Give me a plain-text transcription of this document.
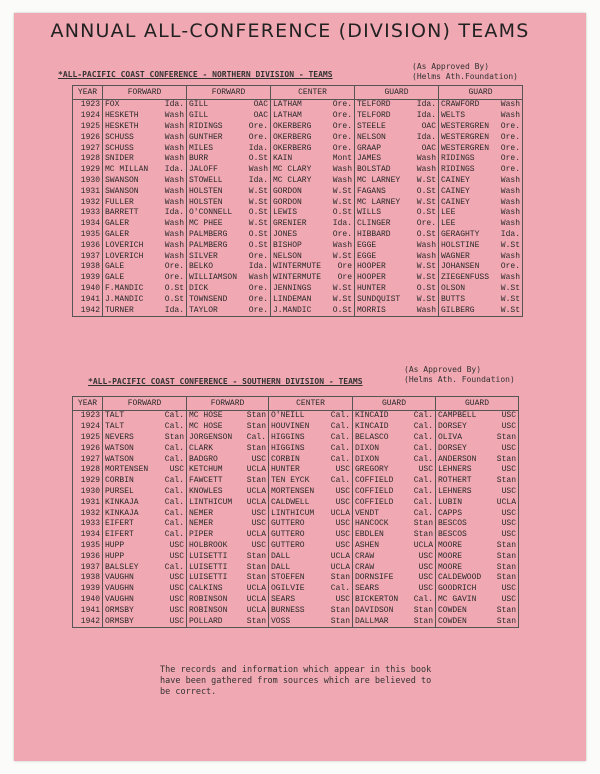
ANNUAL ALL-CONFERENCE (DIVISION) TEAMS
*ALL-PACIFIC COAST CONFERENCE - NORTHERN DIVISION - TEAMS
(As Approved By)
(Helms Ath.Foundation)
YEAR	FORWARD	FORWARD	CENTER	GUARD	GUARD
1923	FOX Ida.	GILL OAC	LATHAM Ore.	TELFORD Ida.	CRAWFORD Wash

1924	HESKETH Wash	GILL OAC	LATHAM Ore.	TELFORD Ida.	WELTS Wash

1925	HESKETH Wash	RIDINGS Ore.	OKERBERG Ore.	STEELE OAC	WESTERGREN Ore.

1926	SCHUSS Wash	GUNTHER Ore.	OKERBERG Ore.	NELSON Ida.	WESTERGREN Ore.

1927	SCHUSS Wash	MILES Ida.	OKERBERG Ore.	GRAAP OAC	WESTERGREN Ore.

1928	SNIDER Wash	BURR O.St	KAIN Mont	JAMES Wash	RIDINGS Ore.

1929	MC MILLAN Ida.	JALOFF Wash	MC CLARY Wash	BOLSTAD Wash	RIDINGS Ore.

1930	SWANSON Wash	STOWELL Ida.	MC CLARY Wash	MC LARNEY W.St	CAINEY Wash

1931	SWANSON Wash	HOLSTEN W.St	GORDON W.St	FAGANS O.St	CAINEY Wash

1932	FULLER Wash	HOLSTEN W.St	GORDON W.St	MC LARNEY W.St	CAINEY Wash

1933	BARRETT Ida.	O'CONNELL O.St	LEWIS O.St	WILLS O.St	LEE Wash

1934	GALER Wash	MC PHEE W.St	GRENIER Ida.	CLINGER Ore.	LEE Wash

1935	GALER Wash	PALMBERG O.St	JONES Ore.	HIBBARD O.St	GERAGHTY Ida.

1936	LOVERICH Wash	PALMBERG O.St	BISHOP Wash	EGGE Wash	HOLSTINE W.St

1937	LOVERICH Wash	SILVER Ore.	NELSON W.St	EGGE Wash	WAGNER Wash

1938	GALE Ore.	BELKO Ida.	WINTERMUTE Ore	HOOPER W.St	JOHANSEN Ore.

1939	GALE Ore.	WILLIAMSON Wash	WINTERMUTE Ore	HOOPER W.St	ZIEGENFUSS Wash

1940	F.MANDIC O.St	DICK Ore.	JENNINGS W.St	HUNTER O.St	OLSON W.St

1941	J.MANDIC O.St	TOWNSEND Ore.	LINDEMAN W.St	SUNDQUIST W.St	BUTTS W.St

1942	TURNER Ida.	TAYLOR Ore.	J.MANDIC O.St	MORRIS Wash	GILBERG W.St
*ALL-PACIFIC COAST CONFERENCE - SOUTHERN DIVISION - TEAMS
(As Approved By)
(Helms Ath. Foundation)
YEAR	FORWARD	FORWARD	CENTER	GUARD	GUARD
1923	TALT Cal.	MC HOSE Stan	O'NEILL Cal.	KINCAID Cal.	CAMPBELL USC

1924	TALT Cal.	MC HOSE Stan	HOUVINEN Cal.	KINCAID Cal.	DORSEY USC

1925	NEVERS Stan	JORGENSON Cal.	HIGGINS Cal.	BELASCO Cal.	OLIVA Stan

1926	WATSON Cal.	CLARK Stan	HIGGINS Cal.	DIXON Cal.	DORSEY USC

1927	WATSON Cal.	BADGRO USC	CORBIN Cal.	DIXON Cal.	ANDERSON Stan

1928	MORTENSEN USC	KETCHUM UCLA	HUNTER USC	GREGORY USC	LEHNERS USC

1929	CORBIN Cal.	FAWCETT Stan	TEN EYCK Cal.	COFFIELD Cal.	ROTHERT Stan

1930	PURSEL Cal.	KNOWLES UCLA	MORTENSEN USC	COFFIELD Cal.	LEHNERS USC

1931	KINKAJA Cal.	LINTHICUM UCLA	CALDWELL USC	COFFIELD Cal.	LUBIN UCLA

1932	KINKAJA Cal.	NEMER USC	LINTHICUM UCLA	VENDT Cal.	CAPPS USC

1933	EIFERT Cal.	NEMER USC	GUTTERO USC	HANCOCK Stan	BESCOS USC

1934	EIFERT Cal.	PIPER UCLA	GUTTERO USC	EBDLEN Stan	BESCOS USC

1935	HUPP USC	HOLBROOK USC	GUTTERO USC	ASHEN UCLA	MOORE Stan

1936	HUPP USC	LUISETTI Stan	DALL UCLA	CRAW USC	MOORE Stan

1937	BALSLEY Cal.	LUISETTI Stan	DALL UCLA	CRAW USC	MOORE Stan

1938	VAUGHN USC	LUISETTI Stan	STOEFEN Stan	DORNSIFE USC	CALDEWOOD Stan

1939	VAUGHN USC	CALKINS UCLA	OGILVIE Cal.	SEARS USC	GOODRICH USC

1940	VAUGHN USC	ROBINSON UCLA	SEARS USC	BICKERTON Cal.	MC GAVIN USC

1941	ORMSBY USC	ROBINSON UCLA	BURNESS Stan	DAVIDSON Stan	COWDEN Stan

1942	ORMSBY USC	POLLARD Stan	VOSS Stan	DALLMAR Stan	COWDEN Stan
The records and information which appear in this book
have been gathered from sources which are believed to
be correct.
